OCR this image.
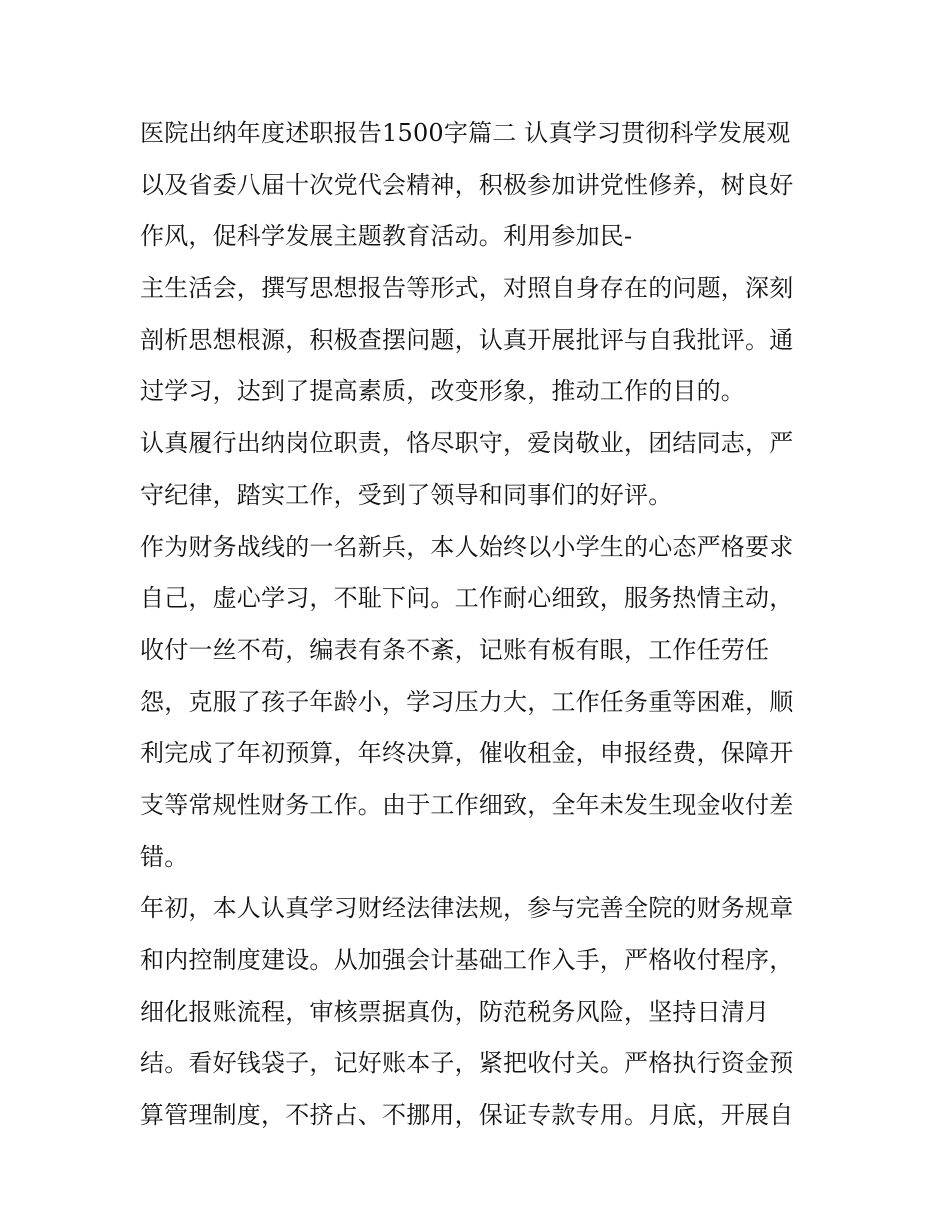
医院出纳年度述职报告1500字篇二 认真学习贯彻科学发展观
以及省委八届十次党代会精神，积极参加讲党性修养，树良好
作风，促科学发展主题教育活动。利用参加民-
主生活会，撰写思想报告等形式，对照自身存在的问题，深刻
剖析思想根源，积极查摆问题，认真开展批评与自我批评。通
过学习，达到了提高素质，改变形象，推动工作的目的。
认真履行出纳岗位职责，恪尽职守，爱岗敬业，团结同志，严
守纪律，踏实工作，受到了领导和同事们的好评。
作为财务战线的一名新兵，本人始终以小学生的心态严格要求
自己，虚心学习，不耻下问。工作耐心细致，服务热情主动，
收付一丝不苟，编表有条不紊，记账有板有眼，工作任劳任
怨，克服了孩子年龄小，学习压力大，工作任务重等困难，顺
利完成了年初预算，年终决算，催收租金，申报经费，保障开
支等常规性财务工作。由于工作细致，全年未发生现金收付差
错。
年初，本人认真学习财经法律法规，参与完善全院的财务规章
和内控制度建设。从加强会计基础工作入手，严格收付程序，
细化报账流程，审核票据真伪，防范税务风险，坚持日清月
结。看好钱袋子，记好账本子，紧把收付关。严格执行资金预
算管理制度，不挤占、不挪用，保证专款专用。月底，开展自
